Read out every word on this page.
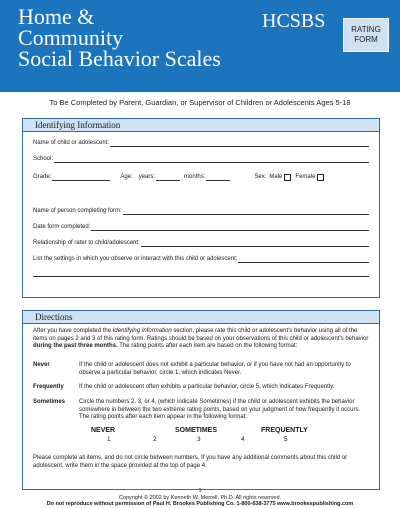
Home &
Community
Social Behavior Scales
HCSBS	RATING
FORM
To Be Completed by Parent, Guardian, or Supervisor of Children or Adolescents Ages 5-18
Identifying Information
Name of child or adolescent:
School:
Grade:	Age: years:	months:	Sex: Male Female
Name of person completing form:
Date form completed:
Relationship of rater to child/adolescent:
List the settings in which you observe or interact with this child or adolescent:
Directions
After you have completed the Identifying Information section, please rate this child or adolescent's behavior using all of the items on pages 2 and 3 of this rating form. Ratings should be based on your observations of this child or adolescent's behavior during the past three months. The rating points after each item are based on the following format:
Never	If the child or adolescent does not exhibit a particular behavior, or if you have not had an opportunity to observe a particular behavior, circle 1, which indicates Never.
Frequently	If the child or adolescent often exhibits a particular behavior, circle 5, which indicates Frequently.
Sometimes Circle the numbers 2, 3, or 4, (which indicate Sometimes) if the child or adolescent exhibits the behavior somewhere in between the two extreme rating points, based on your judgment of how frequently it occurs. The rating points after each item appear in the following format:
NEVER	SOMETIMES	FREQUENTLY
1	2	3	4	5
Please complete all items, and do not circle between numbers. If you have any additional comments about this child or adolescent, write them in the space provided at the top of page 4.
1
Copyright © 2002 by Kenneth W. Merrell, Ph.D. All rights reserved.
Do not reproduce without permission of Paul H. Brookes Publishing Co. 1-800-638-3775 www.brookespublishing.com
